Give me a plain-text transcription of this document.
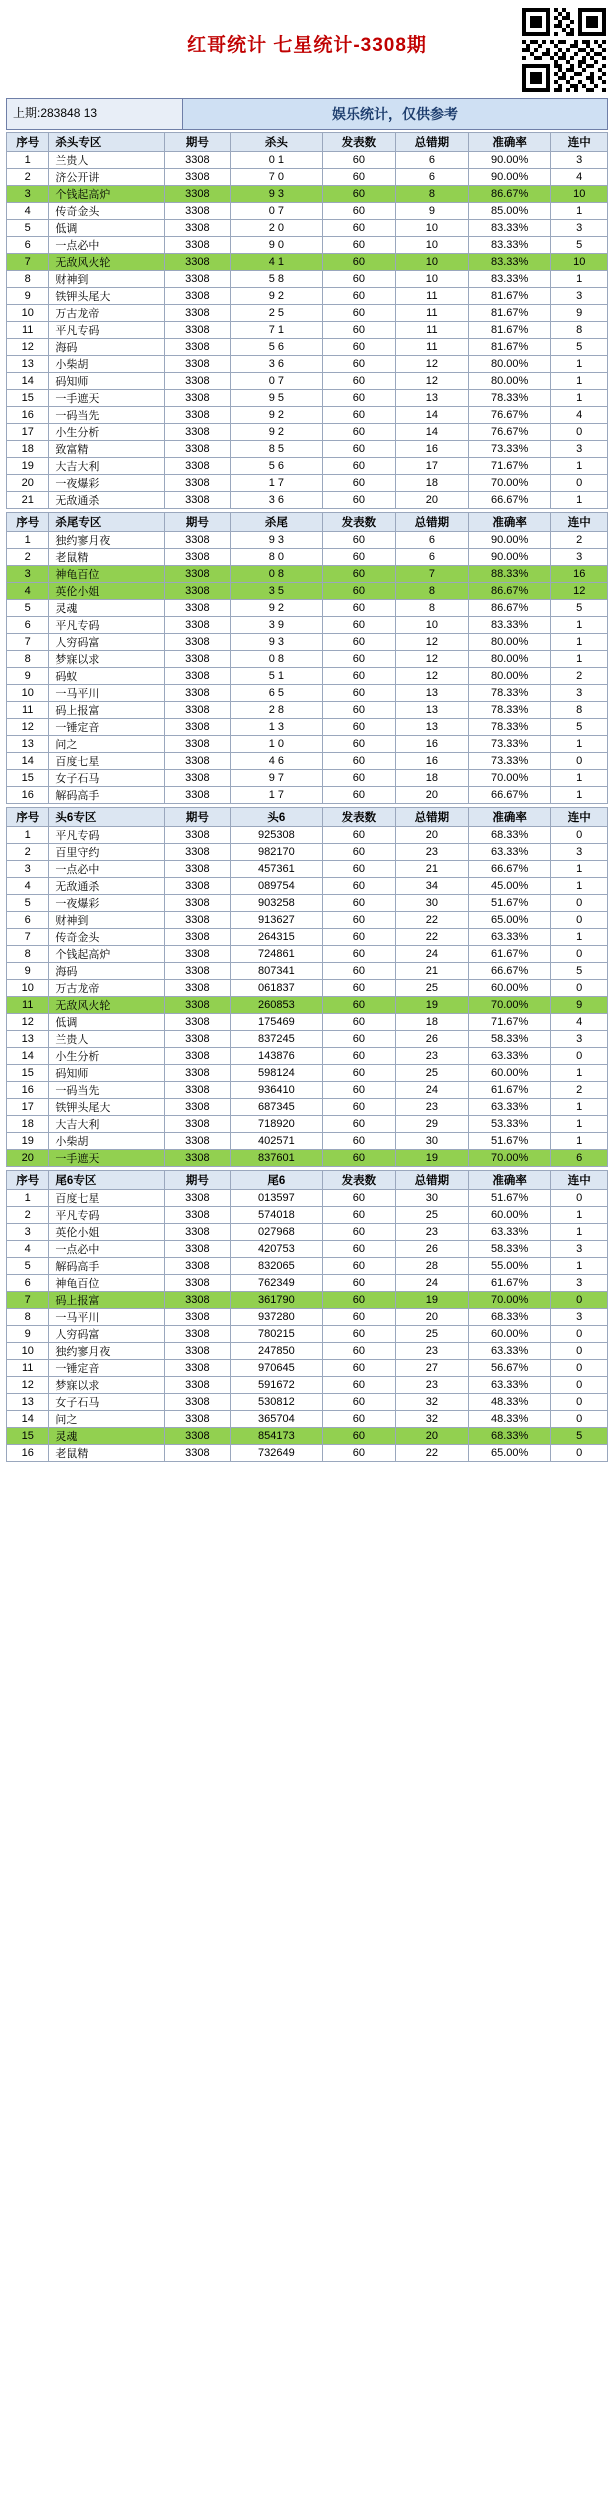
红哥统计 七星统计-3308期
上期:283848 13	娱乐统计，仅供参考
序号	杀头专区	期号	杀头	发表数	总错期	准确率	连中
1	兰贵人	3308	0 1	60	6	90.00%	3
2	济公开讲	3308	7 0	60	6	90.00%	4
3	个钱起高炉	3308	9 3	60	8	86.67%	10
4	传奇金头	3308	0 7	60	9	85.00%	1
5	低调	3308	2 0	60	10	83.33%	3
6	一点必中	3308	9 0	60	10	83.33%	5
7	无敌风火轮	3308	4 1	60	10	83.33%	10
8	财神到	3308	5 8	60	10	83.33%	1
9	铁钾头尾大	3308	9 2	60	11	81.67%	3
10	万古龙帝	3308	2 5	60	11	81.67%	9
11	平凡专码	3308	7 1	60	11	81.67%	8
12	海码	3308	5 6	60	11	81.67%	5
13	小柴胡	3308	3 6	60	12	80.00%	1
14	码知师	3308	0 7	60	12	80.00%	1
15	一手遮天	3308	9 5	60	13	78.33%	1
16	一码当先	3308	9 2	60	14	76.67%	4
17	小生分析	3308	9 2	60	14	76.67%	0
18	致富精	3308	8 5	60	16	73.33%	3
19	大吉大利	3308	5 6	60	17	71.67%	1
20	一夜爆彩	3308	1 7	60	18	70.00%	0
21	无敌通杀	3308	3 6	60	20	66.67%	1
序号	杀尾专区	期号	杀尾	发表数	总错期	准确率	连中
1	独约寥月夜	3308	9 3	60	6	90.00%	2
2	老鼠精	3308	8 0	60	6	90.00%	3
3	神龟百位	3308	0 8	60	7	88.33%	16
4	英伦小姐	3308	3 5	60	8	86.67%	12
5	灵魂	3308	9 2	60	8	86.67%	5
6	平凡专码	3308	3 9	60	10	83.33%	1
7	人穷码富	3308	9 3	60	12	80.00%	1
8	梦寐以求	3308	0 8	60	12	80.00%	1
9	码蚁	3308	5 1	60	12	80.00%	2
10	一马平川	3308	6 5	60	13	78.33%	3
11	码上报富	3308	2 8	60	13	78.33%	8
12	一锤定音	3308	1 3	60	13	78.33%	5
13	问之	3308	1 0	60	16	73.33%	1
14	百度七星	3308	4 6	60	16	73.33%	0
15	女子石马	3308	9 7	60	18	70.00%	1
16	解码高手	3308	1 7	60	20	66.67%	1
序号	头6专区	期号	头6	发表数	总错期	准确率	连中
1	平凡专码	3308	925308	60	20	68.33%	0
2	百里守约	3308	982170	60	23	63.33%	3
3	一点必中	3308	457361	60	21	66.67%	1
4	无敌通杀	3308	089754	60	34	45.00%	1
5	一夜爆彩	3308	903258	60	30	51.67%	0
6	财神到	3308	913627	60	22	65.00%	0
7	传奇金头	3308	264315	60	22	63.33%	1
8	个钱起高炉	3308	724861	60	24	61.67%	0
9	海码	3308	807341	60	21	66.67%	5
10	万古龙帝	3308	061837	60	25	60.00%	0
11	无敌风火轮	3308	260853	60	19	70.00%	9
12	低调	3308	175469	60	18	71.67%	4
13	兰贵人	3308	837245	60	26	58.33%	3
14	小生分析	3308	143876	60	23	63.33%	0
15	码知师	3308	598124	60	25	60.00%	1
16	一码当先	3308	936410	60	24	61.67%	2
17	铁钾头尾大	3308	687345	60	23	63.33%	1
18	大吉大利	3308	718920	60	29	53.33%	1
19	小柴胡	3308	402571	60	30	51.67%	1
20	一手遮天	3308	837601	60	19	70.00%	6
序号	尾6专区	期号	尾6	发表数	总错期	准确率	连中
1	百度七星	3308	013597	60	30	51.67%	0
2	平凡专码	3308	574018	60	25	60.00%	1
3	英伦小姐	3308	027968	60	23	63.33%	1
4	一点必中	3308	420753	60	26	58.33%	3
5	解码高手	3308	832065	60	28	55.00%	1
6	神龟百位	3308	762349	60	24	61.67%	3
7	码上报富	3308	361790	60	19	70.00%	0
8	一马平川	3308	937280	60	20	68.33%	3
9	人穷码富	3308	780215	60	25	60.00%	0
10	独约寥月夜	3308	247850	60	23	63.33%	0
11	一锤定音	3308	970645	60	27	56.67%	0
12	梦寐以求	3308	591672	60	23	63.33%	0
13	女子石马	3308	530812	60	32	48.33%	0
14	问之	3308	365704	60	32	48.33%	0
15	灵魂	3308	854173	60	20	68.33%	5
16	老鼠精	3308	732649	60	22	65.00%	0
